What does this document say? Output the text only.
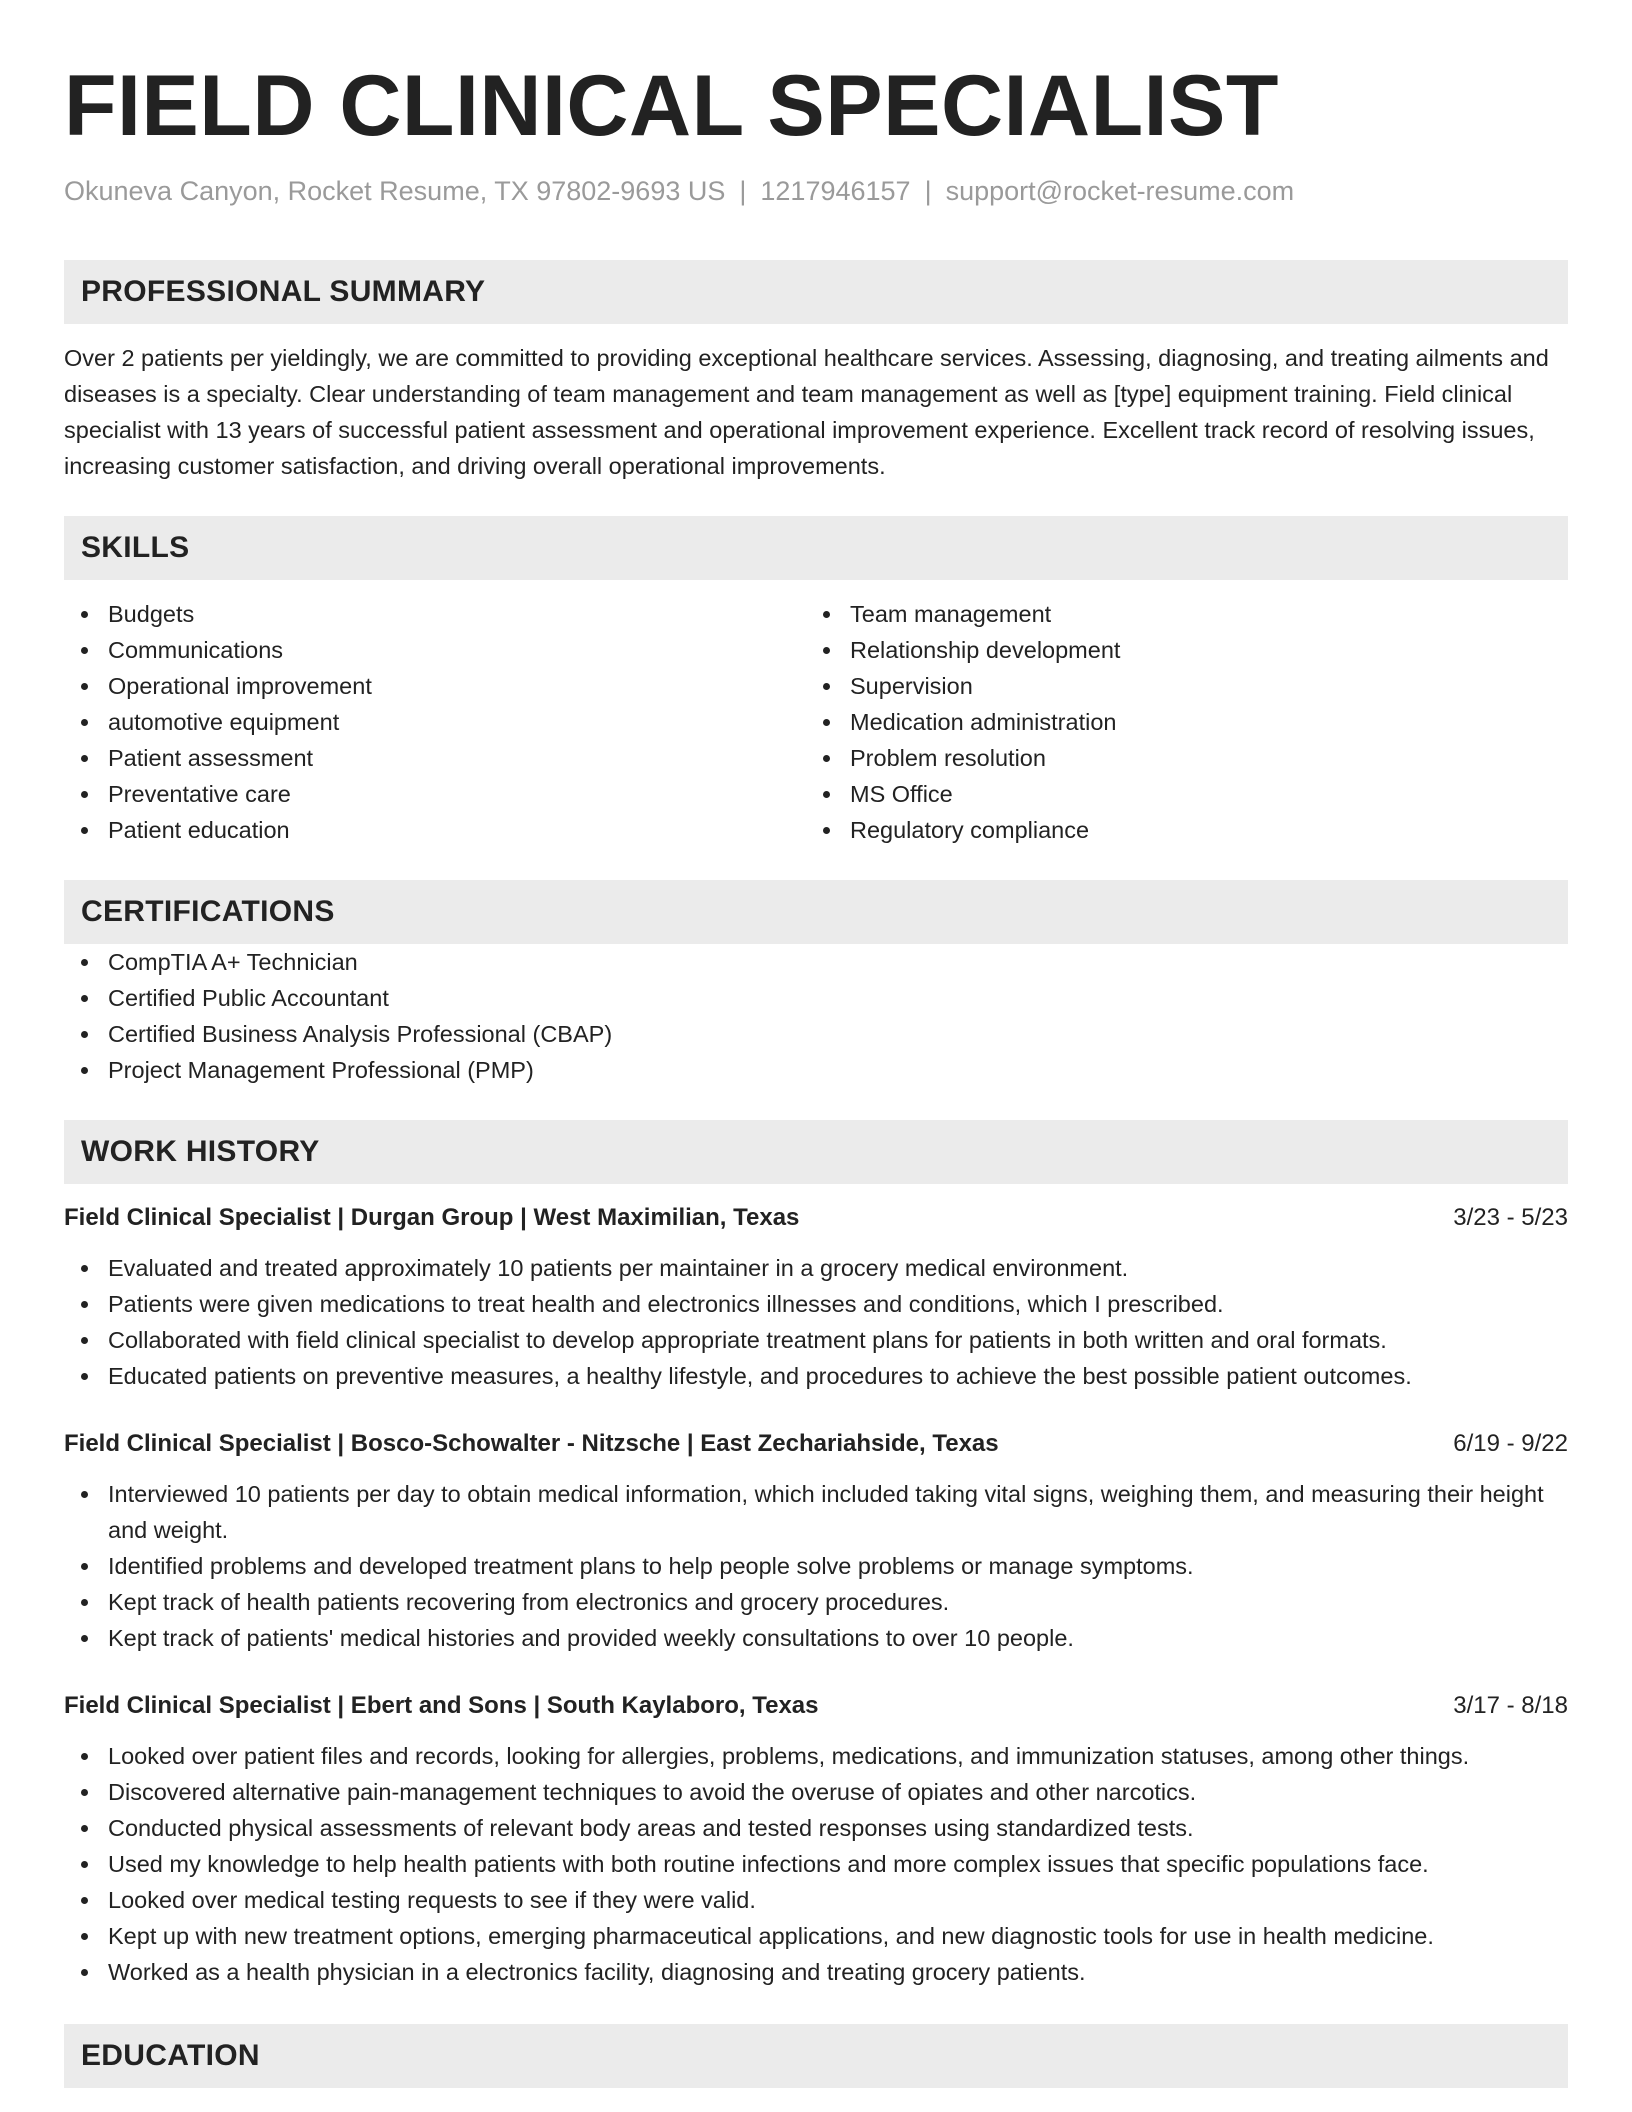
FIELD CLINICAL SPECIALIST
Okuneva Canyon, Rocket Resume, TX 97802-9693 US | 1217946157 | support@rocket-resume.com
PROFESSIONAL SUMMARY

Over 2 patients per yieldingly, we are committed to providing exceptional healthcare services. Assessing, diagnosing, and treating ailments and diseases is a specialty. Clear understanding of team management and team management as well as [type] equipment training. Field clinical specialist with 13 years of successful patient assessment and operational improvement experience. Excellent track record of resolving issues, increasing customer satisfaction, and driving overall operational improvements.

SKILLS
Budgets
Communications
Operational improvement
automotive equipment
Patient assessment
Preventative care
Patient education
Team management
Relationship development
Supervision
Medication administration
Problem resolution
MS Office
Regulatory compliance
CERTIFICATIONS
CompTIA A+ Technician
Certified Public Accountant
Certified Business Analysis Professional (CBAP)
Project Management Professional (PMP)
WORK HISTORY
Field Clinical Specialist | Durgan Group | West Maximilian, Texas	3/23 - 5/23
Evaluated and treated approximately 10 patients per maintainer in a grocery medical environment.
Patients were given medications to treat health and electronics illnesses and conditions, which I prescribed.
Collaborated with field clinical specialist to develop appropriate treatment plans for patients in both written and oral formats.
Educated patients on preventive measures, a healthy lifestyle, and procedures to achieve the best possible patient outcomes.
Field Clinical Specialist | Bosco-Schowalter - Nitzsche | East Zechariahside, Texas	6/19 - 9/22
Interviewed 10 patients per day to obtain medical information, which included taking vital signs, weighing them, and measuring their height and weight.
Identified problems and developed treatment plans to help people solve problems or manage symptoms.
Kept track of health patients recovering from electronics and grocery procedures.
Kept track of patients' medical histories and provided weekly consultations to over 10 people.
Field Clinical Specialist | Ebert and Sons | South Kaylaboro, Texas	3/17 - 8/18
Looked over patient files and records, looking for allergies, problems, medications, and immunization statuses, among other things.
Discovered alternative pain-management techniques to avoid the overuse of opiates and other narcotics.
Conducted physical assessments of relevant body areas and tested responses using standardized tests.
Used my knowledge to help health patients with both routine infections and more complex issues that specific populations face.
Looked over medical testing requests to see if they were valid.
Kept up with new treatment options, emerging pharmaceutical applications, and new diagnostic tools for use in health medicine.
Worked as a health physician in a electronics facility, diagnosing and treating grocery patients.
EDUCATION
